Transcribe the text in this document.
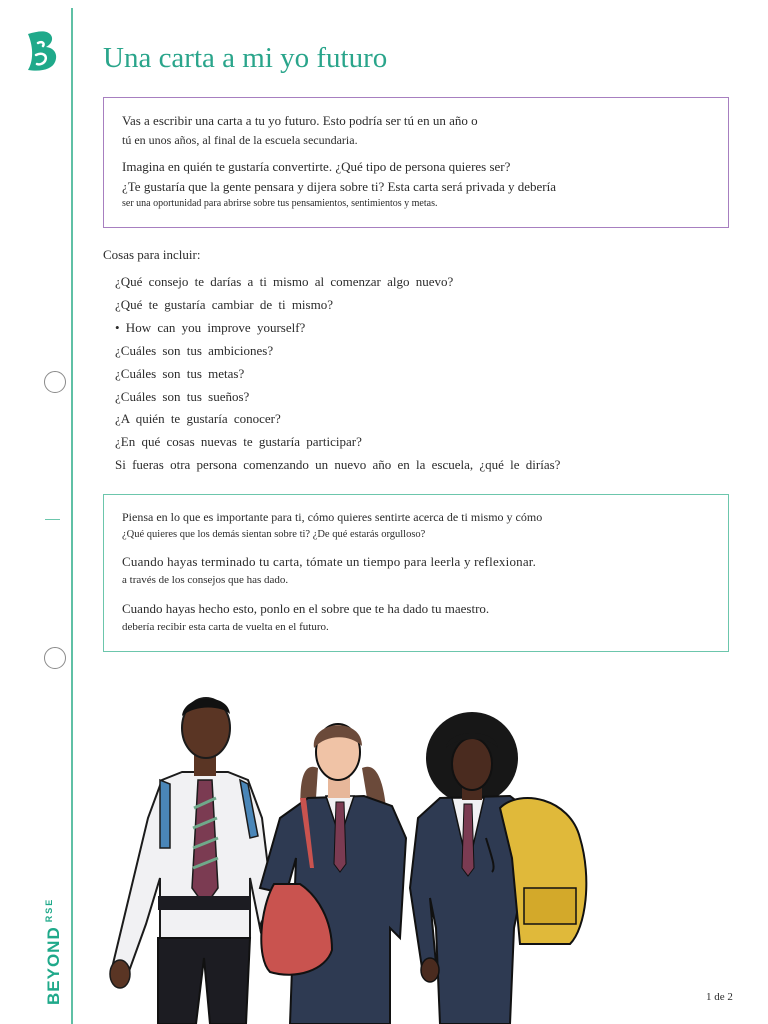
$BEYOND^{RSE}$
Una carta a mi yo futuro

Vas a escribir una carta a tu yo futuro. Esto podría ser tú en un año o

tú en unos años, al final de la escuela secundaria.

Imagina en quién te gustaría convertirte. ¿Qué tipo de persona quieres ser?

¿Te gustaría que la gente pensara y dijera sobre ti? Esta carta será privada y debería

ser una oportunidad para abrirse sobre tus pensamientos, sentimientos y metas.

Cosas para incluir:

¿Qué consejo te darías a ti mismo al comenzar algo nuevo?
¿Qué te gustaría cambiar de ti mismo?
• How can you improve yourself?
¿Cuáles son tus ambiciones?
¿Cuáles son tus metas?
¿Cuáles son tus sueños?
¿A quién te gustaría conocer?
¿En qué cosas nuevas te gustaría participar?
Si fueras otra persona comenzando un nuevo año en la escuela, ¿qué le dirías?

Piensa en lo que es importante para ti, cómo quieres sentirte acerca de ti mismo y cómo

¿Qué quieres que los demás sientan sobre ti? ¿De qué estarás orgulloso?

Cuando hayas terminado tu carta, tómate un tiempo para leerla y reflexionar.

a través de los consejos que has dado.

Cuando hayas hecho esto, ponlo en el sobre que te ha dado tu maestro.

debería recibir esta carta de vuelta en el futuro.

1 de 2
